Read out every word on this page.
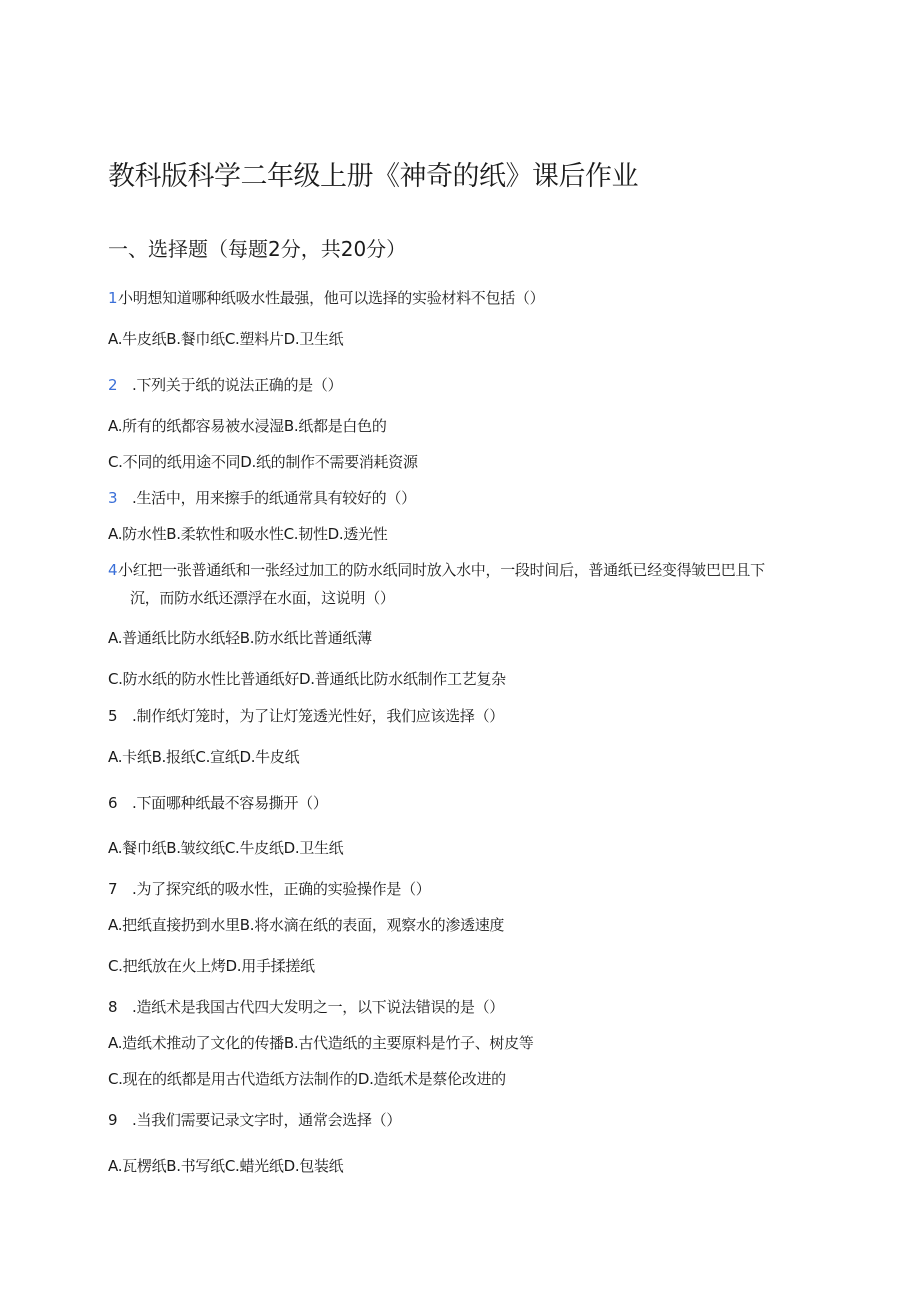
教科版科学二年级上册《神奇的纸》课后作业
一、选择题（每题2分，共20分）
1小明想知道哪种纸吸水性最强，他可以选择的实验材料不包括（）
A.牛皮纸B.餐巾纸C.塑料片D.卫生纸
2 .下列关于纸的说法正确的是（）
A.所有的纸都容易被水浸湿B.纸都是白色的
C.不同的纸用途不同D.纸的制作不需要消耗资源
3 .生活中，用来擦手的纸通常具有较好的（）
A.防水性B.柔软性和吸水性C.韧性D.透光性
4小红把一张普通纸和一张经过加工的防水纸同时放入水中，一段时间后，普通纸已经变得皱巴巴且下
沉，而防水纸还漂浮在水面，这说明（）
A.普通纸比防水纸轻B.防水纸比普通纸薄
C.防水纸的防水性比普通纸好D.普通纸比防水纸制作工艺复杂
5 .制作纸灯笼时，为了让灯笼透光性好，我们应该选择（）
A.卡纸B.报纸C.宣纸D.牛皮纸
6 .下面哪种纸最不容易撕开（）
A.餐巾纸B.皱纹纸C.牛皮纸D.卫生纸
7 .为了探究纸的吸水性，正确的实验操作是（）
A.把纸直接扔到水里B.将水滴在纸的表面，观察水的渗透速度
C.把纸放在火上烤D.用手揉搓纸
8 .造纸术是我国古代四大发明之一，以下说法错误的是（）
A.造纸术推动了文化的传播B.古代造纸的主要原料是竹子、树皮等
C.现在的纸都是用古代造纸方法制作的D.造纸术是蔡伦改进的
9 .当我们需要记录文字时，通常会选择（）
A.瓦楞纸B.书写纸C.蜡光纸D.包装纸
